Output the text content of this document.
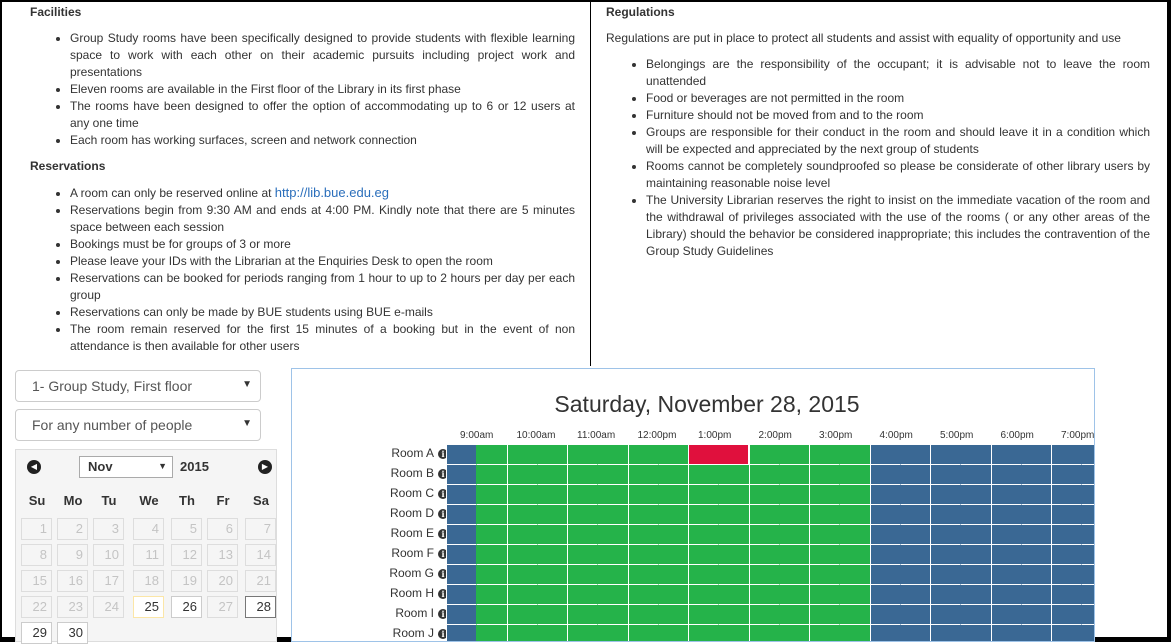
Facilities
• Group Study rooms have been specifically designed to provide students with flexible learning space to work with each other on their academic pursuits including project work and presentations
• Eleven rooms are available in the First floor of the Library in its first phase
• The rooms have been designed to offer the option of accommodating up to 6 or 12 users at any one time
• Each room has working surfaces, screen and network connection
Reservations
• A room can only be reserved online at http://lib.bue.edu.eg
• Reservations begin from 9:30 AM and ends at 4:00 PM. Kindly note that there are 5 minutes space between each session
• Bookings must be for groups of 3 or more
• Please leave your IDs with the Librarian at the Enquiries Desk to open the room
• Reservations can be booked for periods ranging from 1 hour to up to 2 hours per day per each group
• Reservations can only be made by BUE students using BUE e-mails
• The room remain reserved for the first 15 minutes of a booking but in the event of non attendance is then available for other users
Regulations

Regulations are put in place to protect all students and assist with equality of opportunity and use

• Belongings are the responsibility of the occupant; it is advisable not to leave the room unattended
• Food or beverages are not permitted in the room
• Furniture should not be moved from and to the room
• Groups are responsible for their conduct in the room and should leave it in a condition which will be expected and appreciated by the next group of students
• Rooms cannot be completely soundproofed so please be considerate of other library users by maintaining reasonable noise level
• The University Librarian reserves the right to insist on the immediate vacation of the room and the withdrawal of privileges associated with the use of the rooms ( or any other areas of the Library) should the behavior be considered inappropriate; this includes the contravention of the Group Study Guidelines
1- Group Study, First floor	▼
For any number of people	▼
◀	Nov	▼ 2015	▶
Su	Mo	Tu	We	Th	Fr	Sa
1	2	3	4	5	6	7
8	9	10	11	12	13	14
15	16	17	18	19	20	21
22	23	24	25	26	27	28
29	30
Saturday, November 28, 2015
9:00am 10:00am 11:00am 12:00pm 1:00pm	2:00pm	3:00pm	4:00pm	5:00pm	6:00pm	7:00pm
Room A i
Room B i
Room C i
Room D i
Room E i
Room F i
Room G i
Room H i
Room I i
Room J i
